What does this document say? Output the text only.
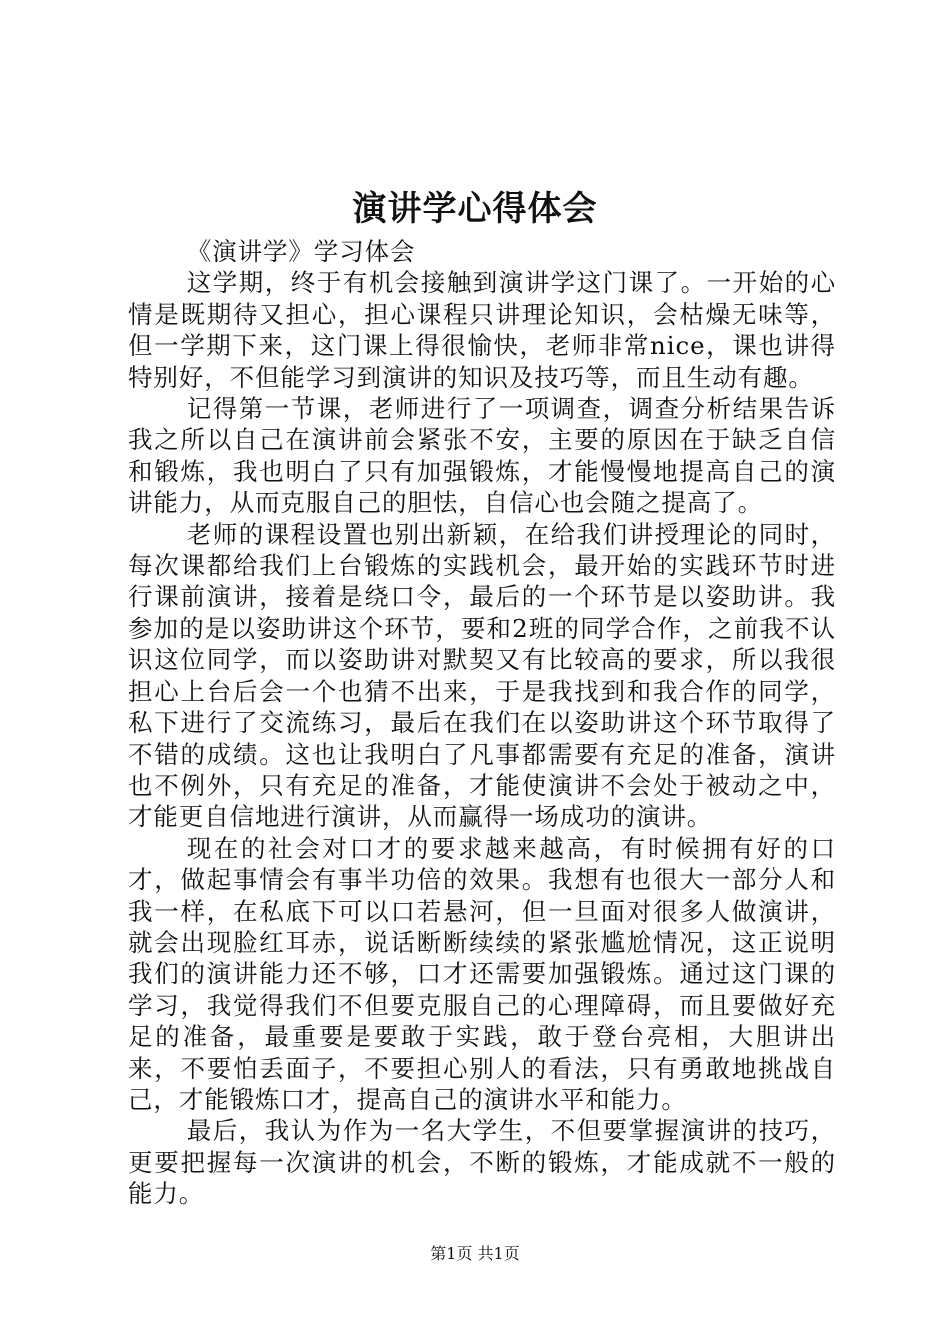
演讲学心得体会

《演讲学》学习体会

这学期，终于有机会接触到演讲学这门课了。一开始的心情是既期待又担心，担心课程只讲理论知识，会枯燥无味等，但一学期下来，这门课上得很愉快，老师非常nice，课也讲得特别好，不但能学习到演讲的知识及技巧等，而且生动有趣。

记得第一节课，老师进行了一项调查，调查分析结果告诉我之所以自己在演讲前会紧张不安，主要的原因在于缺乏自信和锻炼，我也明白了只有加强锻炼，才能慢慢地提高自己的演讲能力，从而克服自己的胆怯，自信心也会随之提高了。

老师的课程设置也别出新颖，在给我们讲授理论的同时，每次课都给我们上台锻炼的实践机会，最开始的实践环节时进行课前演讲，接着是绕口令，最后的一个环节是以姿助讲。我参加的是以姿助讲这个环节，要和2班的同学合作，之前我不认识这位同学，而以姿助讲对默契又有比较高的要求，所以我很担心上台后会一个也猜不出来，于是我找到和我合作的同学，私下进行了交流练习，最后在我们在以姿助讲这个环节取得了不错的成绩。这也让我明白了凡事都需要有充足的准备，演讲也不例外，只有充足的准备，才能使演讲不会处于被动之中，才能更自信地进行演讲，从而赢得一场成功的演讲。

现在的社会对口才的要求越来越高，有时候拥有好的口才，做起事情会有事半功倍的效果。我想有也很大一部分人和我一样，在私底下可以口若悬河，但一旦面对很多人做演讲，就会出现脸红耳赤，说话断断续续的紧张尴尬情况，这正说明我们的演讲能力还不够，口才还需要加强锻炼。通过这门课的学习，我觉得我们不但要克服自己的心理障碍，而且要做好充足的准备，最重要是要敢于实践，敢于登台亮相，大胆讲出来，不要怕丢面子，不要担心别人的看法，只有勇敢地挑战自己，才能锻炼口才，提高自己的演讲水平和能力。

最后，我认为作为一名大学生，不但要掌握演讲的技巧，更要把握每一次演讲的机会，不断的锻炼，才能成就不一般的能力。

第1页 共1页
